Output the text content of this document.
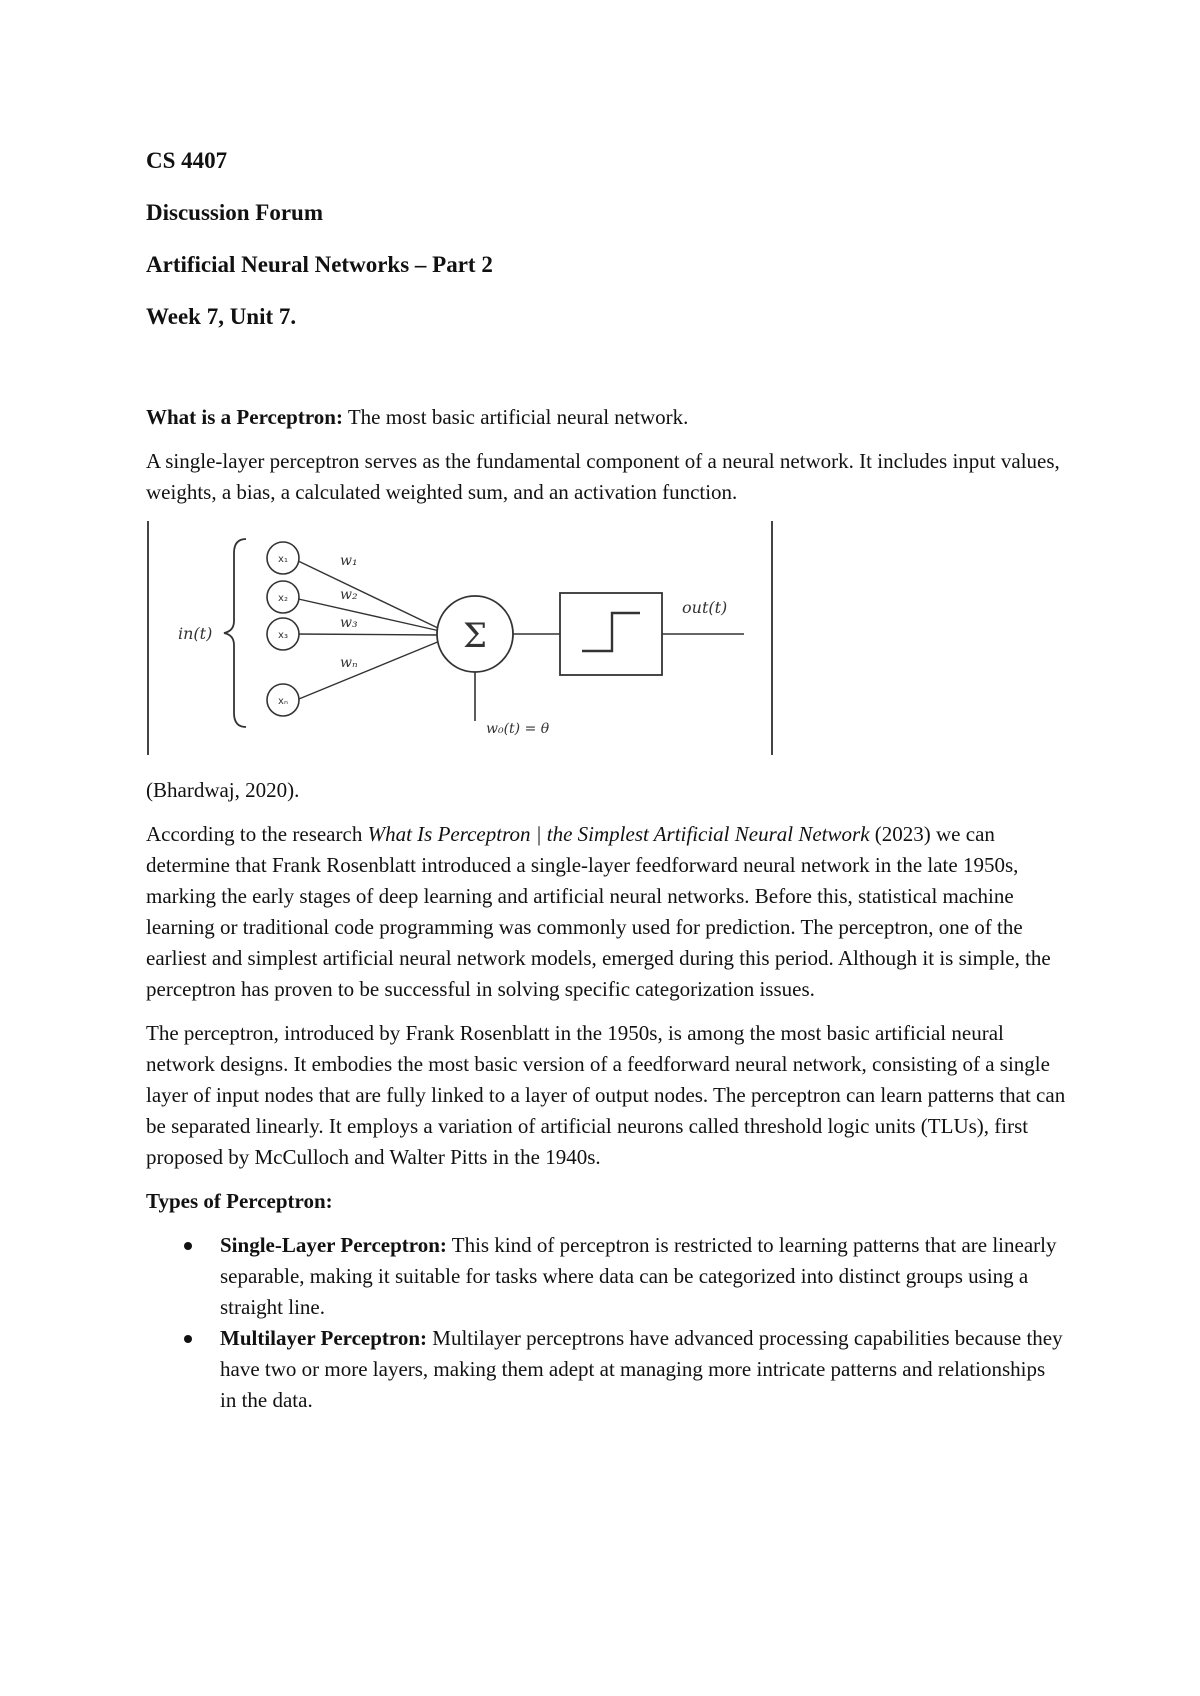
CS 4407
Discussion Forum
Artificial Neural Networks – Part 2
Week 7, Unit 7.

What is a Perceptron: The most basic artificial neural network.

A single-layer perceptron serves as the fundamental component of a neural network. It includes input values, weights, a bias, a calculated weighted sum, and an activation function.

in(t)
x₁
x₂
x₃
xₙ
w₁
w₂
w₃
wₙ
Σ
w₀(t) = θ
out(t)

(Bhardwaj, 2020).

According to the research What Is Perceptron | the Simplest Artificial Neural Network (2023) we can determine that Frank Rosenblatt introduced a single-layer feedforward neural network in the late 1950s, marking the early stages of deep learning and artificial neural networks. Before this, statistical machine learning or traditional code programming was commonly used for prediction. The perceptron, one of the earliest and simplest artificial neural network models, emerged during this period. Although it is simple, the perceptron has proven to be successful in solving specific categorization issues.

The perceptron, introduced by Frank Rosenblatt in the 1950s, is among the most basic artificial neural network designs. It embodies the most basic version of a feedforward neural network, consisting of a single layer of input nodes that are fully linked to a layer of output nodes. The perceptron can learn patterns that can be separated linearly. It employs a variation of artificial neurons called threshold logic units (TLUs), first proposed by McCulloch and Walter Pitts in the 1940s.

Types of Perceptron:

Single-Layer Perceptron: This kind of perceptron is restricted to learning patterns that are linearly separable, making it suitable for tasks where data can be categorized into distinct groups using a straight line.
Multilayer Perceptron: Multilayer perceptrons have advanced processing capabilities because they have two or more layers, making them adept at managing more intricate patterns and relationships in the data.
